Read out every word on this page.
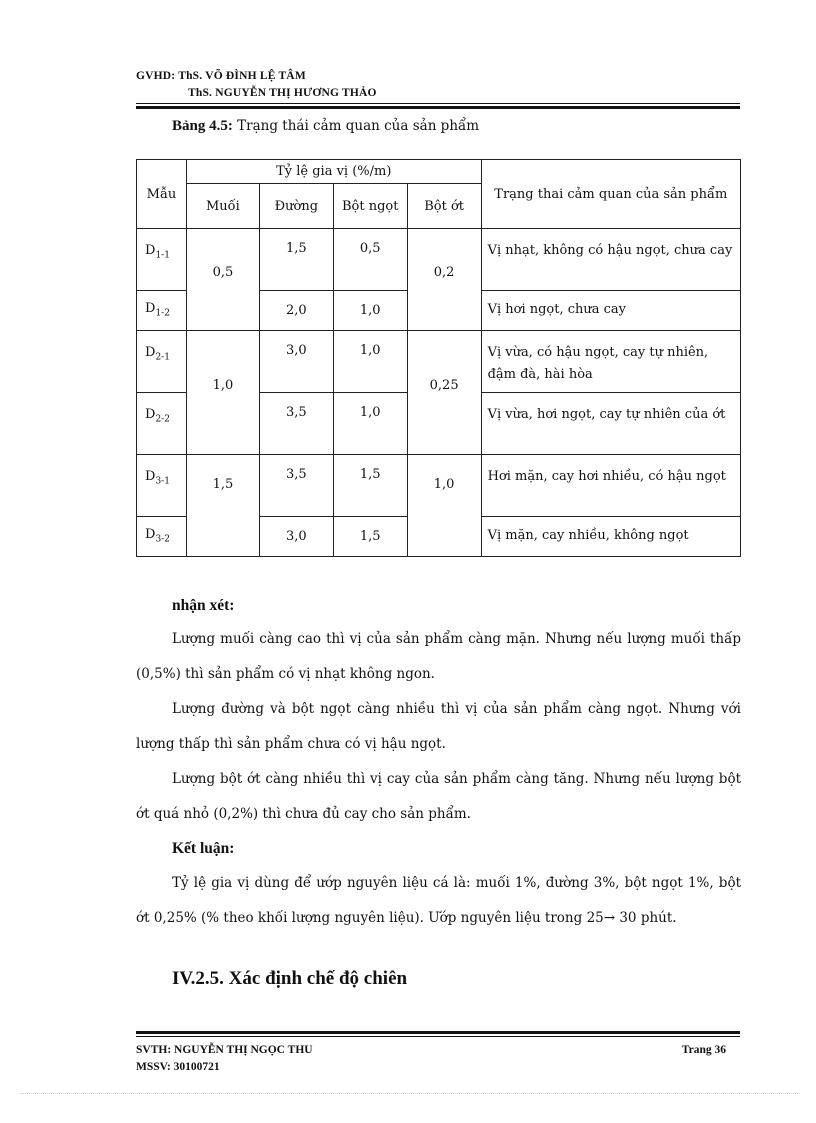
GVHD: ThS. VÕ ĐÌNH LỆ TÂM
ThS. NGUYỄN THỊ HƯƠNG THẢO
Bảng 4.5: Trạng thái cảm quan của sản phẩm
Mẫu	Tỷ lệ gia vị (%/m)				Trạng thai cảm quan của sản phẩm
	Muối	Đường	Bột ngọt	Bột ớt	
$D_{1-1}$	0,5	1,5	0,5	0,2	Vị nhạt, không có hậu ngọt, chưa cay
$D_{1-2}$		2,0	1,0		Vị hơi ngọt, chưa cay
$D_{2-1}$	1,0	3,0	1,0	0,25	Vị vừa, có hậu ngọt, cay tự nhiên, đậm đà, hài hòa
$D_{2-2}$		3,5	1,0		Vị vừa, hơi ngọt, cay tự nhiên của ớt
$D_{3-1}$	1,5	3,5	1,5	1,0	Hơi mặn, cay hơi nhiều, có hậu ngọt
$D_{3-2}$		3,0	1,5		Vị mặn, cay nhiều, không ngọt

nhận xét:

Lượng muối càng cao thì vị của sản phẩm càng mặn. Nhưng nếu lượng muối thấp (0,5%) thì sản phẩm có vị nhạt không ngon.

Lượng đường và bột ngọt càng nhiều thì vị của sản phẩm càng ngọt. Nhưng với lượng thấp thì sản phẩm chưa có vị hậu ngọt.

Lượng bột ớt càng nhiều thì vị cay của sản phẩm càng tăng. Nhưng nếu lượng bột ớt quá nhỏ (0,2%) thì chưa đủ cay cho sản phẩm.

Kết luận:

Tỷ lệ gia vị dùng để ướp nguyên liệu cá là: muối 1%, đường 3%, bột ngọt 1%, bột ớt 0,25% (% theo khối lượng nguyên liệu). Ướp nguyên liệu trong 25→ 30 phút.

IV.2.5. Xác định chế độ chiên
SVTH: NGUYỄN THỊ NGỌC THU
MSSV: 30100721
Trang 36
